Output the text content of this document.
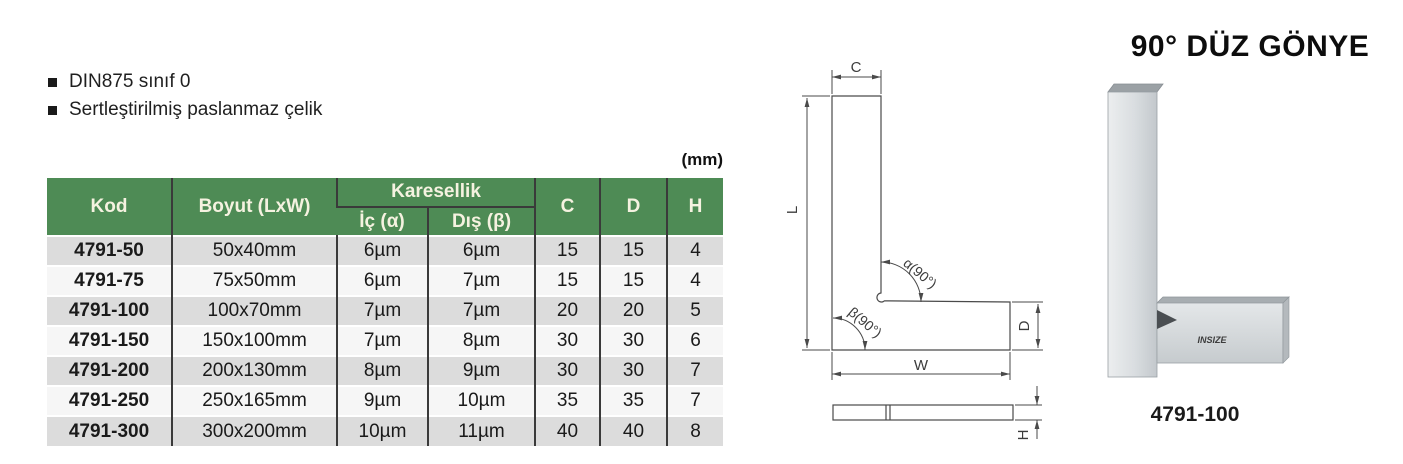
DIN875 sınıf 0
Sertleştirilmiş paslanmaz çelik
(mm)
Kod	Boyut (LxW)	Karesellik		C	D	H
		İç (α)	Dış (β)			
4791-50	50x40mm	6µm	6µm	15	15	4
4791-75	75x50mm	6µm	7µm	15	15	4
4791-100	100x70mm	7µm	7µm	20	20	5
4791-150	150x100mm	7µm	8µm	30	30	6
4791-200	200x130mm	8µm	9µm	30	30	7
4791-250	250x165mm	9µm	10µm	35	35	7
4791-300	300x200mm	10µm	11µm	40	40	8
C
L
W
D
H
α(90°)
β(90°)
90° DÜZ GÖNYE
INSIZE
4791-100
